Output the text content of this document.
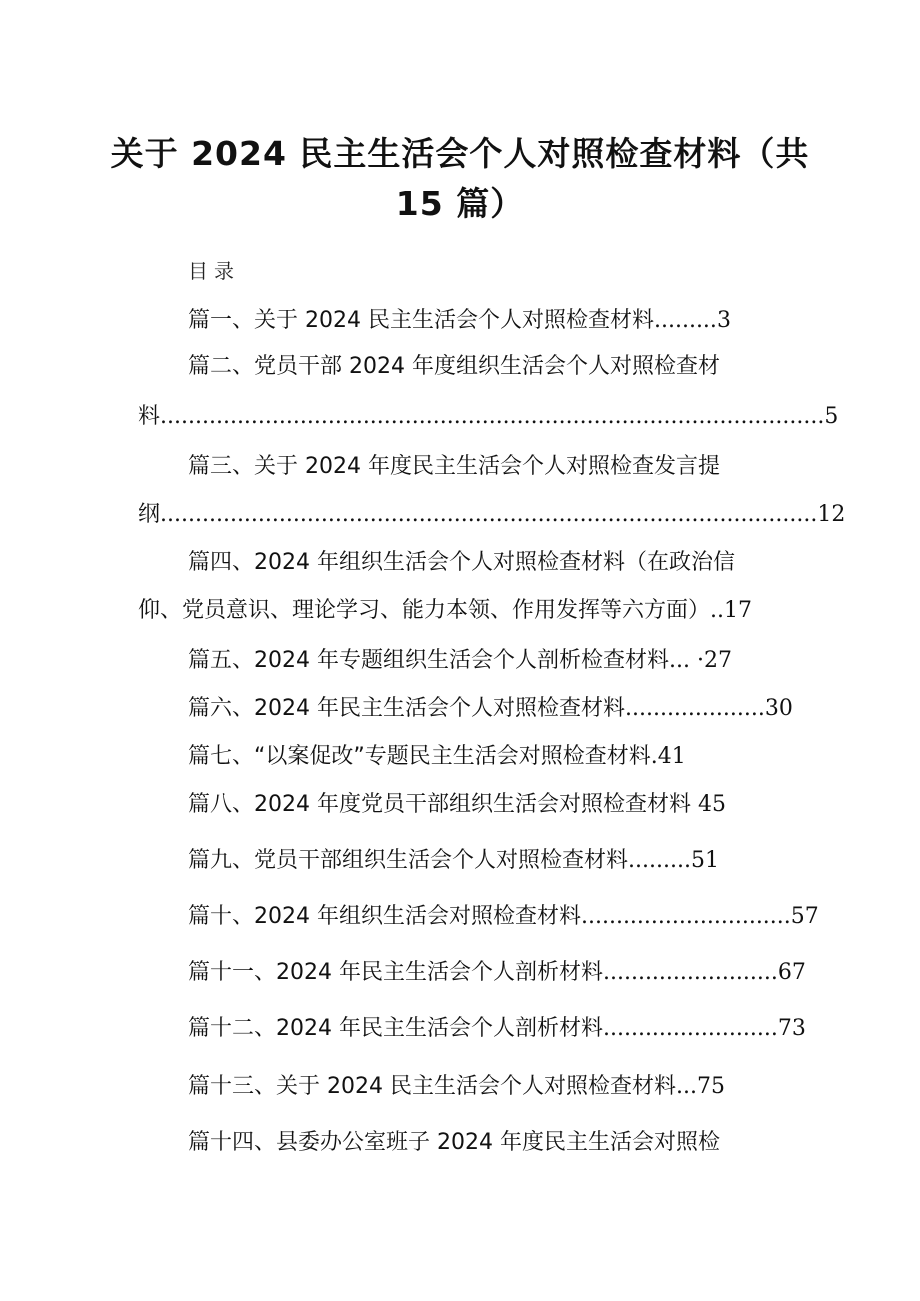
关于 2024 民主生活会个人对照检查材料（共
15 篇）
目录
篇一、关于 2024 民主生活会个人对照检查材料 ......... 3
篇二、党员干部 2024 年度组织生活会个人对照检查材
料 ............................................................................................... 5
篇三、关于 2024 年度民主生活会个人对照检查发言提
纲 .............................................................................................. 12
篇四、2024 年组织生活会个人对照检查材料（在政治信
仰、党员意识、理论学习、能力本领、作用发挥等六方面） .. 17
篇五、2024 年专题组织生活会个人剖析检查材料 ... · 27
篇六、2024 年民主生活会个人对照检查材料 .................... 30
篇七、“以案促改”专题民主生活会对照检查材料 . 41
篇八、2024 年度党员干部组织生活会对照检查材料
45
篇九、党员干部组织生活会个人对照检查材料 ......... 51
篇十、2024 年组织生活会对照检查材料 .............................. 57
篇十一、2024 年民主生活会个人剖析材料 ......................... 67
篇十二、2024 年民主生活会个人剖析材料 ......................... 73
篇十三、关于 2024 民主生活会个人对照检查材料 ... 75
篇十四、县委办公室班子 2024 年度民主生活会对照检
